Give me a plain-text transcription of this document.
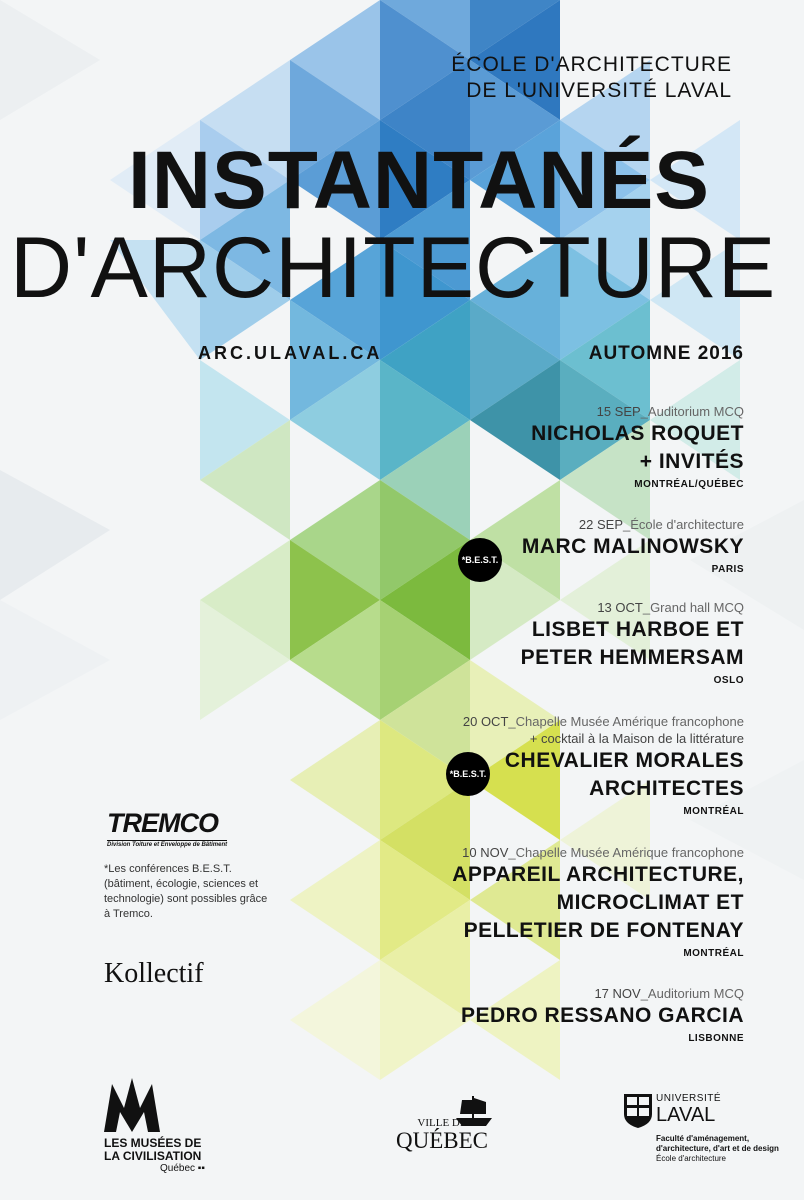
ÉCOLE D'ARCHITECTURE
DE L'UNIVERSITÉ LAVAL
INSTANTANÉS
D'ARCHITECTURE
ARC.ULAVAL.CA	AUTOMNE 2016
15 SEP_Auditorium MCQ
NICHOLAS ROQUET
+ INVITÉS
MONTRÉAL/QUÉBEC
22 SEP_École d'architecture
MARC MALINOWSKY
PARIS
*B.E.S.T.
13 OCT_Grand hall MCQ
LISBET HARBOE ET
PETER HEMMERSAM
OSLO
20 OCT_Chapelle Musée Amérique francophone
+ cocktail à la Maison de la littérature
CHEVALIER MORALES
ARCHITECTES
MONTRÉAL
*B.E.S.T.
10 NOV_Chapelle Musée Amérique francophone
APPAREIL ARCHITECTURE,
MICROCLIMAT ET
PELLETIER DE FONTENAY
MONTRÉAL
17 NOV_Auditorium MCQ
PEDRO RESSANO GARCIA
LISBONNE
TREMCO
Division Toiture et Enveloppe de Bâtiment
*Les conférences B.E.S.T. (bâtiment, écologie, sciences et technologie) sont possibles grâce à Tremco.
Kollectif
LES MUSÉES DE
LA CIVILISATION
Québec ▪▪
VILLE DE
QUÉBEC
UNIVERSITÉ
LAVAL
Faculté d'aménagement,
d'architecture, d'art et de design
École d'architecture
